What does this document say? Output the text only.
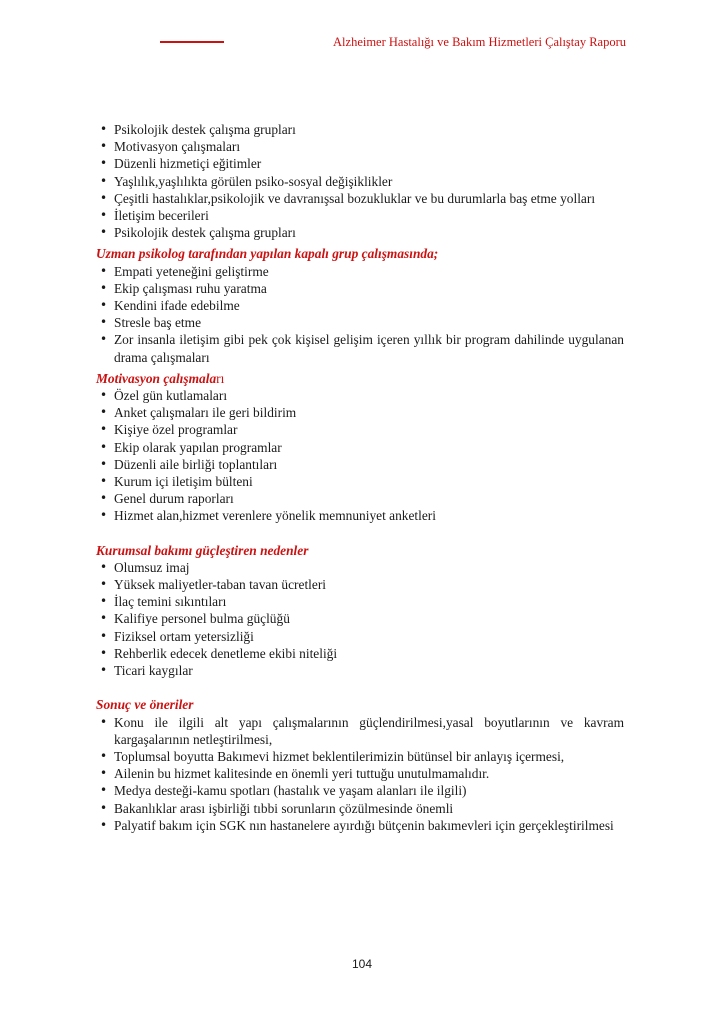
Alzheimer Hastalığı ve Bakım Hizmetleri Çalıştay Raporu
• Psikolojik destek çalışma grupları
• Motivasyon çalışmaları
• Düzenli hizmetiçi eğitimler
• Yaşlılık,yaşlılıkta görülen psiko-sosyal değişiklikler
• Çeşitli hastalıklar,psikolojik ve davranışsal bozukluklar ve bu durumlarla baş etme yolları
• İletişim becerileri
• Psikolojik destek çalışma grupları

Uzman psikolog tarafından yapılan kapalı grup çalışmasında;

• Empati yeteneğini geliştirme
• Ekip çalışması ruhu yaratma
• Kendini ifade edebilme
• Stresle baş etme
• Zor insanla iletişim gibi pek çok kişisel gelişim içeren yıllık bir program dahilinde uygulanan drama çalışmaları

Motivasyon çalışmaları

• Özel gün kutlamaları
• Anket çalışmaları ile geri bildirim
• Kişiye özel programlar
• Ekip olarak yapılan programlar
• Düzenli aile birliği toplantıları
• Kurum içi iletişim bülteni
• Genel durum raporları
• Hizmet alan,hizmet verenlere yönelik memnuniyet anketleri

Kurumsal bakımı güçleştiren nedenler

• Olumsuz imaj
• Yüksek maliyetler-taban tavan ücretleri
• İlaç temini sıkıntıları
• Kalifiye personel bulma güçlüğü
• Fiziksel ortam yetersizliği
• Rehberlik edecek denetleme ekibi niteliği
• Ticari kaygılar

Sonuç ve öneriler

• Konu ile ilgili alt yapı çalışmalarının güçlendirilmesi,yasal boyutlarının ve kavram kargaşalarının netleştirilmesi,
• Toplumsal boyutta Bakımevi hizmet beklentilerimizin bütünsel bir anlayış içermesi,
• Ailenin bu hizmet kalitesinde en önemli yeri tuttuğu unutulmamalıdır.
• Medya desteği-kamu spotları (hastalık ve yaşam alanları ile ilgili)
• Bakanlıklar arası işbirliği tıbbi sorunların çözülmesinde önemli
• Palyatif bakım için SGK nın hastanelere ayırdığı bütçenin bakımevleri için gerçekleştirilmesi
104
